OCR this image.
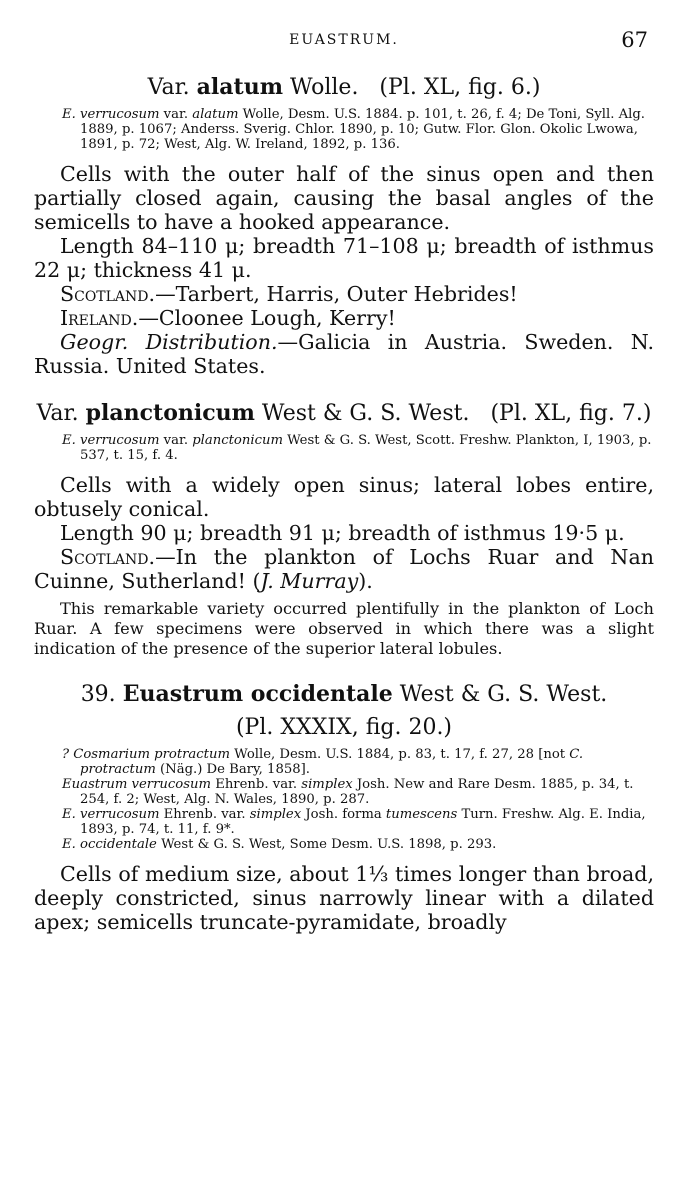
EUASTRUM.	67

Var. alatum Wolle. (Pl. XL, fig. 6.)

E. verrucosum var. alatum Wolle, Desm. U.S. 1884. p. 101, t. 26, f. 4; De Toni, Syll. Alg. 1889, p. 1067; Anderss. Sverig. Chlor. 1890, p. 10; Gutw. Flor. Glon. Okolic Lwowa, 1891, p. 72; West, Alg. W. Ireland, 1892, p. 136.

Cells with the outer half of the sinus open and then partially closed again, causing the basal angles of the semicells to have a hooked appearance.

Length 84–110 μ; breadth 71–108 μ; breadth of isthmus 22 μ; thickness 41 μ.

Scotland.—Tarbert, Harris, Outer Hebrides!

Ireland.—Cloonee Lough, Kerry!

Geogr. Distribution.—Galicia in Austria. Sweden. N. Russia. United States.

Var. planctonicum West & G. S. West. (Pl. XL, fig. 7.)

E. verrucosum var. planctonicum West & G. S. West, Scott. Freshw. Plankton, I, 1903, p. 537, t. 15, f. 4.

Cells with a widely open sinus; lateral lobes entire, obtusely conical.

Length 90 μ; breadth 91 μ; breadth of isthmus 19·5 μ.

Scotland.—In the plankton of Lochs Ruar and Nan Cuinne, Sutherland! (J. Murray).

This remarkable variety occurred plentifully in the plankton of Loch Ruar. A few specimens were observed in which there was a slight indication of the presence of the superior lateral lobules.

39. Euastrum occidentale West & G. S. West.

(Pl. XXXIX, fig. 20.)

? Cosmarium protractum Wolle, Desm. U.S. 1884, p. 83, t. 17, f. 27, 28 [not C. protractum (Näg.) De Bary, 1858].

Euastrum verrucosum Ehrenb. var. simplex Josh. New and Rare Desm. 1885, p. 34, t. 254, f. 2; West, Alg. N. Wales, 1890, p. 287.

E. verrucosum Ehrenb. var. simplex Josh. forma tumescens Turn. Freshw. Alg. E. India, 1893, p. 74, t. 11, f. 9*.

E. occidentale West & G. S. West, Some Desm. U.S. 1898, p. 293.

Cells of medium size, about 1⅓ times longer than broad, deeply constricted, sinus narrowly linear with a dilated apex; semicells truncate-pyramidate, broadly
